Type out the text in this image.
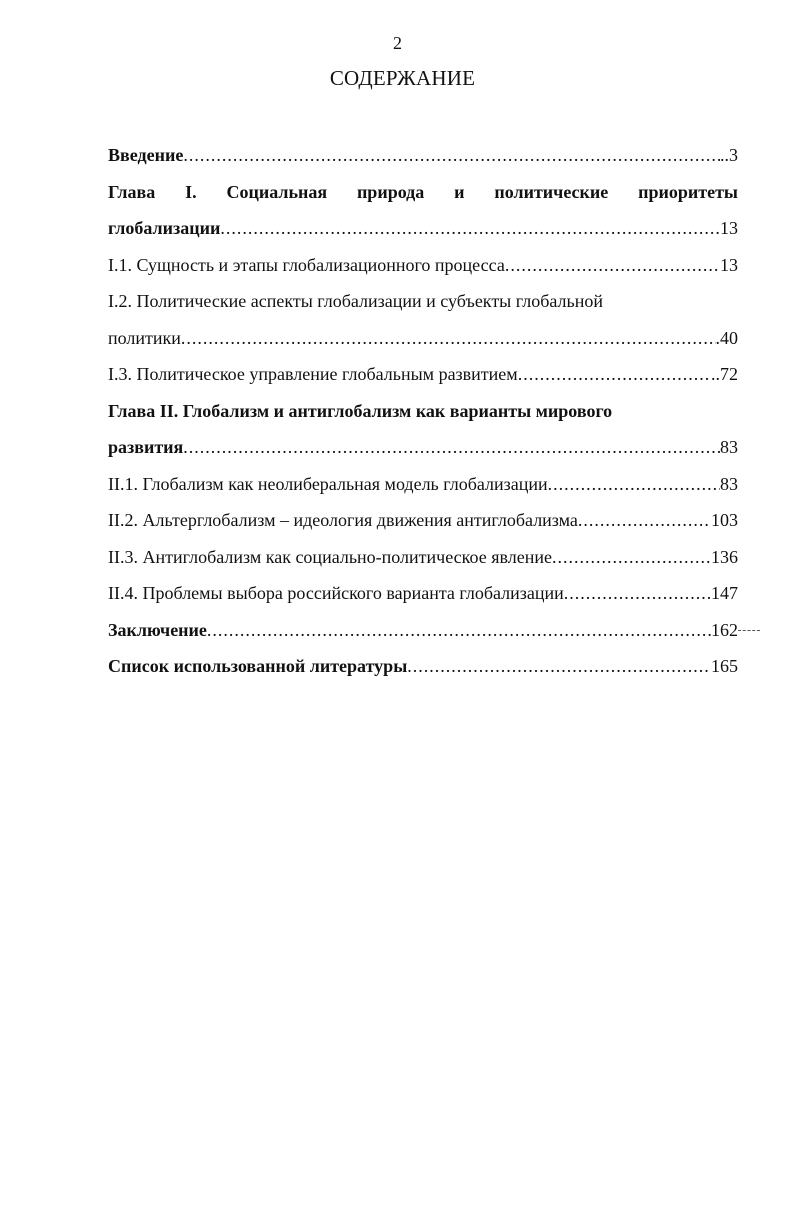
2
СОДЕРЖАНИЕ
Введение .....	..3
Глава I. Социальная природа и политические приоритеты
глобализации .....	13
I.1. Сущность и этапы глобализационного процесса .....	13
I.2. Политические аспекты глобализации и субъекты глобальной
политики .....	.40
I.3. Политическое управление глобальным развитием .....	..72
Глава II. Глобализм и антиглобализм как варианты мирового
развития .....	83
II.1. Глобализм как неолиберальная модель глобализации .....	83
II.2. Альтерглобализм – идеология движения антиглобализма .....	103
II.3. Антиглобализм как социально-политическое явление .....	136
II.4. Проблемы выбора российского варианта глобализации .....	147
Заключение .....	162
Список использованной литературы .....	165
